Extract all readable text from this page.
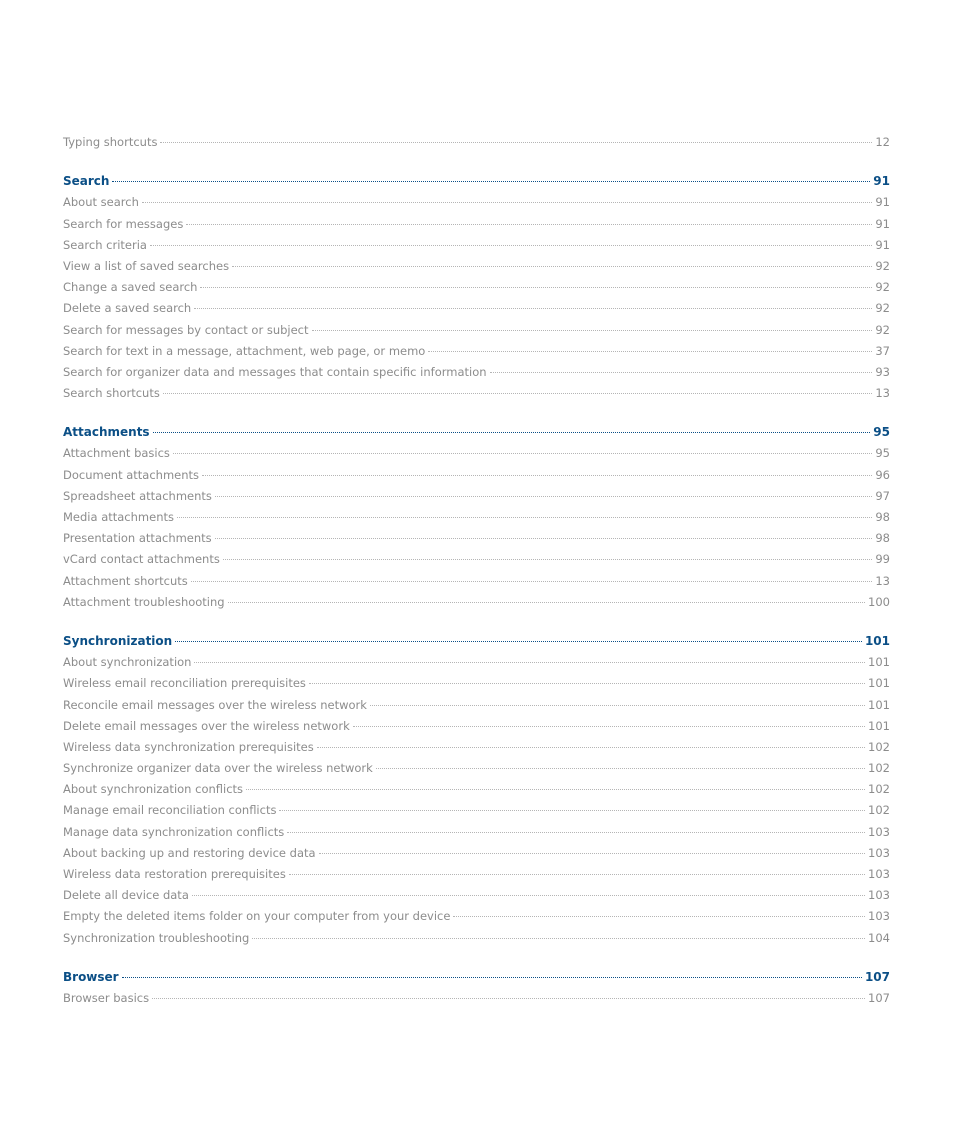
Typing shortcuts	12
Search	91
About search	91
Search for messages	91
Search criteria	91
View a list of saved searches	92
Change a saved search	92
Delete a saved search	92
Search for messages by contact or subject	92
Search for text in a message, attachment, web page, or memo	37
Search for organizer data and messages that contain specific information	93
Search shortcuts	13
Attachments	95
Attachment basics	95
Document attachments	96
Spreadsheet attachments	97
Media attachments	98
Presentation attachments	98
vCard contact attachments	99
Attachment shortcuts	13
Attachment troubleshooting	100
Synchronization	101
About synchronization	101
Wireless email reconciliation prerequisites	101
Reconcile email messages over the wireless network	101
Delete email messages over the wireless network	101
Wireless data synchronization prerequisites	102
Synchronize organizer data over the wireless network	102
About synchronization conflicts	102
Manage email reconciliation conflicts	102
Manage data synchronization conflicts	103
About backing up and restoring device data	103
Wireless data restoration prerequisites	103
Delete all device data	103
Empty the deleted items folder on your computer from your device	103
Synchronization troubleshooting	104
Browser	107
Browser basics	107
